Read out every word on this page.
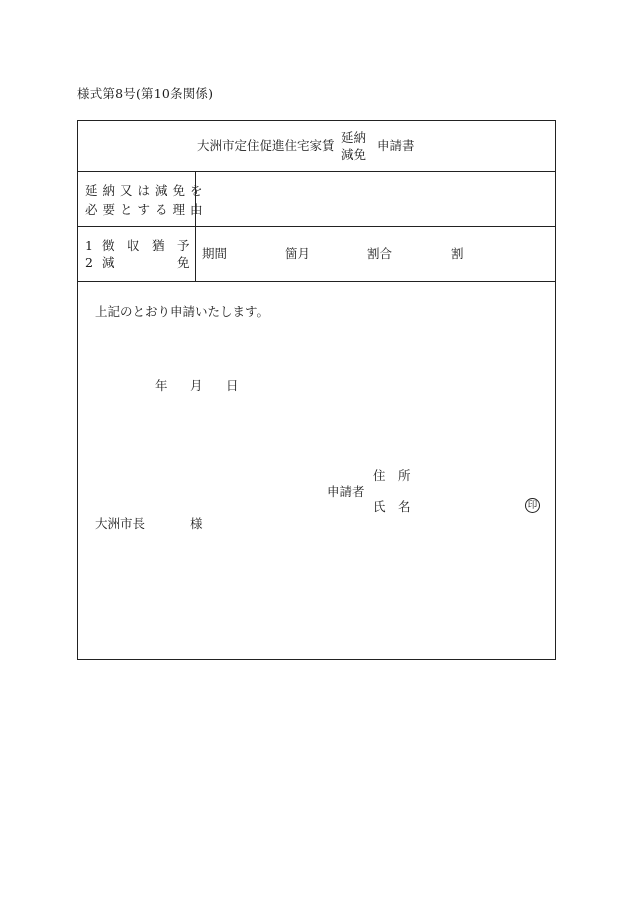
様式第8号(第10条関係)
大洲市定住促進住宅家賃
延納
減免
申請書
延納又は減免を
必要とする理由
1 徴　収　猶　予
2 減　　　　　免
期間	箇月	割合	割
上記のとおり申請いたします。
年 月 日
住　所
申請者
氏　名	印
大洲市長	様
